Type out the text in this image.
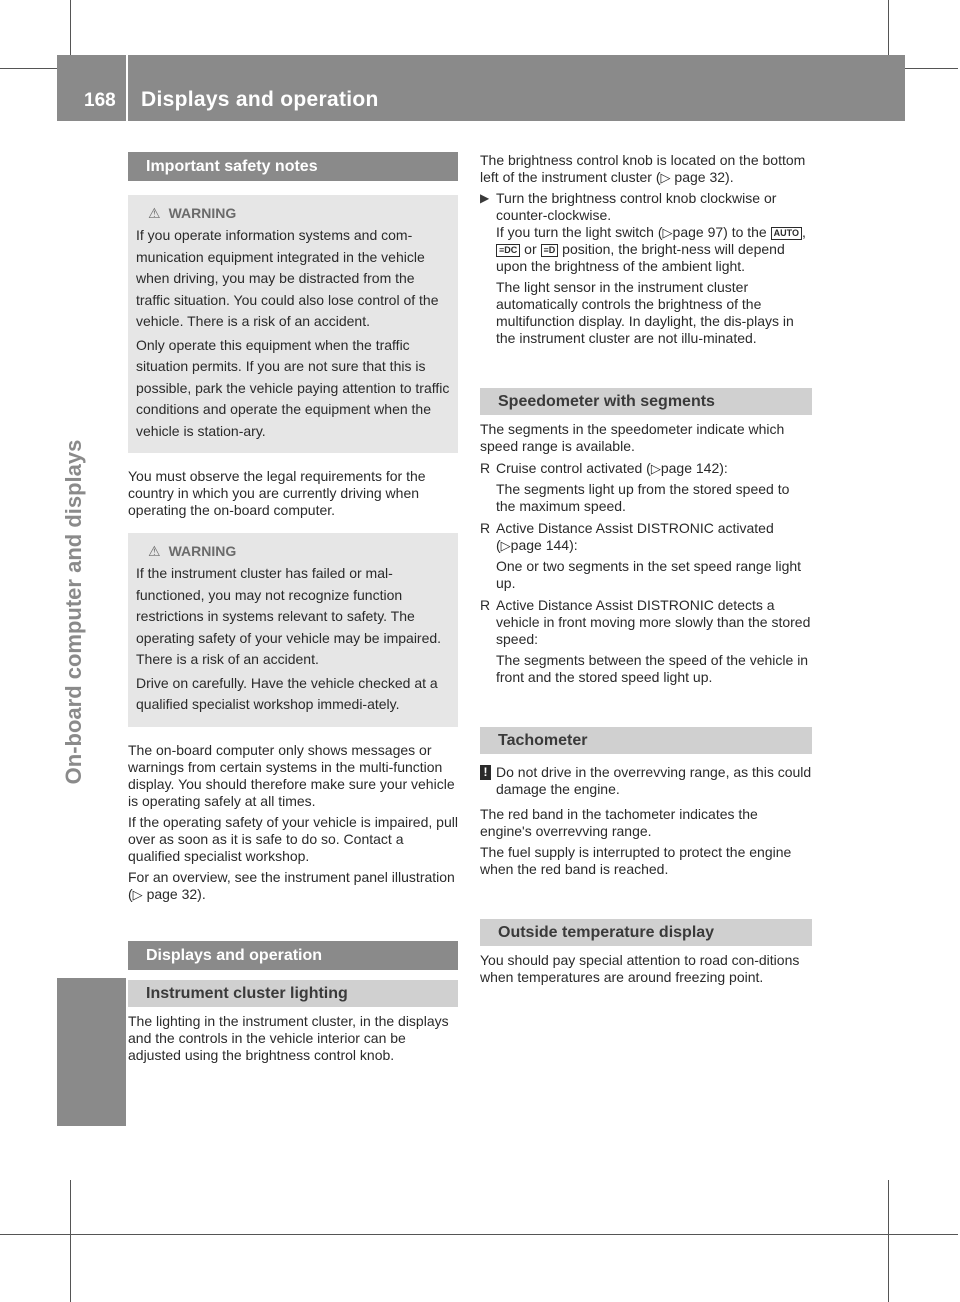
168 Displays and operation
On-board computer and displays
Important safety notes
⚠ WARNING

If you operate information systems and com-munication equipment integrated in the vehicle when driving, you may be distracted from the traffic situation. You could also lose control of the vehicle. There is a risk of an accident.

Only operate this equipment when the traffic situation permits. If you are not sure that this is possible, park the vehicle paying attention to traffic conditions and operate the equipment when the vehicle is station-ary.

You must observe the legal requirements for the country in which you are currently driving when operating the on-board computer.

⚠ WARNING

If the instrument cluster has failed or mal-functioned, you may not recognize function restrictions in systems relevant to safety. The operating safety of your vehicle may be impaired. There is a risk of an accident.

Drive on carefully. Have the vehicle checked at a qualified specialist workshop immedi-ately.

The on-board computer only shows messages or warnings from certain systems in the multi-function display. You should therefore make sure your vehicle is operating safely at all times.

If the operating safety of your vehicle is impaired, pull over as soon as it is safe to do so. Contact a qualified specialist workshop.

For an overview, see the instrument panel illustration (▷ page 32).

Displays and operation
Instrument cluster lighting

The lighting in the instrument cluster, in the displays and the controls in the vehicle interior can be adjusted using the brightness control knob.

The brightness control knob is located on the bottom left of the instrument cluster (▷ page 32).

▶ Turn the brightness control knob clockwise or counter-clockwise.

If you turn the light switch (▷page 97) to the AUTO , ≡DC or ≡D position, the bright-ness will depend upon the brightness of the ambient light.

The light sensor in the instrument cluster automatically controls the brightness of the multifunction display. In daylight, the dis-plays in the instrument cluster are not illu-minated.

Speedometer with segments

The segments in the speedometer indicate which speed range is available.

R Cruise control activated (▷page 142):

The segments light up from the stored speed to the maximum speed.

R Active Distance Assist DISTRONIC activated (▷page 144):

One or two segments in the set speed range light up.

R Active Distance Assist DISTRONIC detects a vehicle in front moving more slowly than the stored speed:

The segments between the speed of the vehicle in front and the stored speed light up.

Tachometer
! Do not drive in the overrevving range, as this could damage the engine.

The red band in the tachometer indicates the engine's overrevving range.

The fuel supply is interrupted to protect the engine when the red band is reached.

Outside temperature display

You should pay special attention to road con-ditions when temperatures are around freezing point.
